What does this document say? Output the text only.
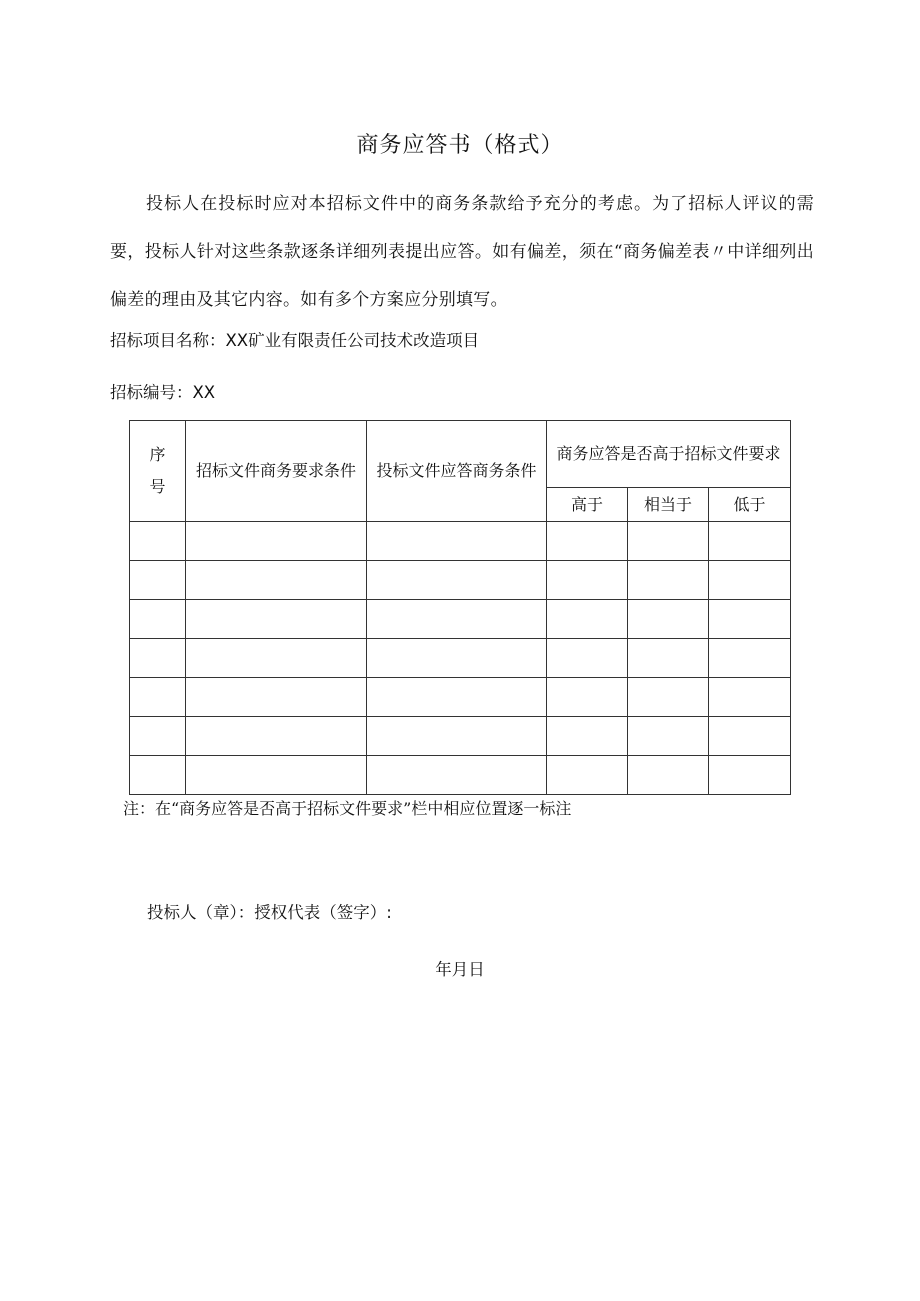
商务应答书（格式）

投标人在投标时应对本招标文件中的商务条款给予充分的考虑。为了招标人评议的需要，投标人针对这些条款逐条详细列表提出应答。如有偏差，须在“商务偏差表〃中详细列出偏差的理由及其它内容。如有多个方案应分别填写。

招标项目名称：XX矿业有限责任公司技术改造项目
招标编号：XX
序号	招标文件商务要求条件	投标文件应答商务条件	商务应答是否高于招标文件要求		
			高于	相当于	低于

注：在“商务应答是否高于招标文件要求”栏中相应位置逐一标注
投标人（章）：授权代表（签字）:
年月日
